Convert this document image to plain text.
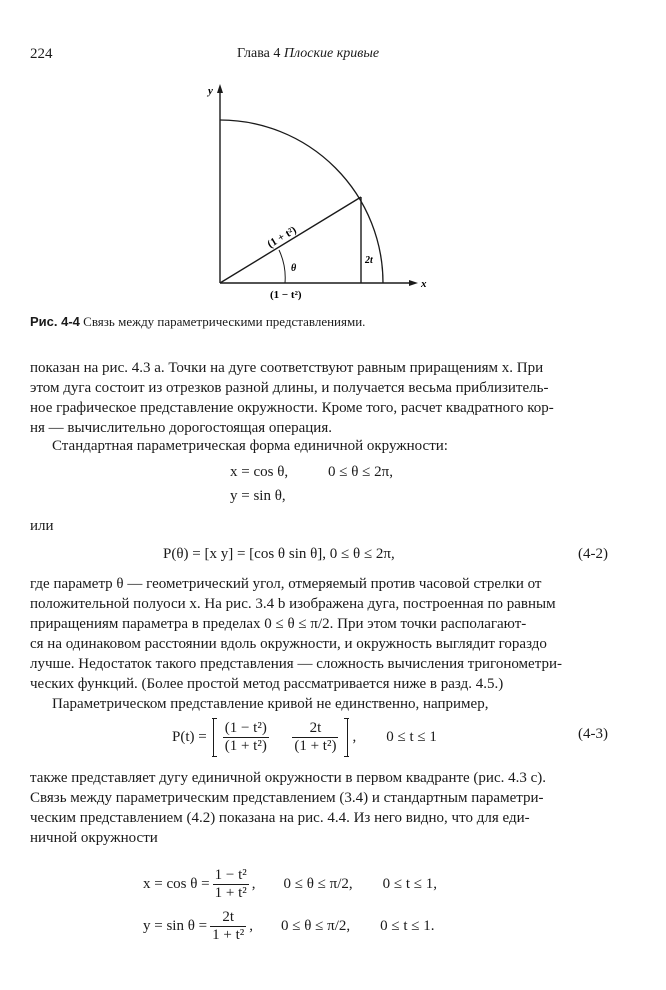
224	Глава 4 Плоские кривые
y
x
(1 + t²)
θ
2t
(1 − t²)
Рис. 4-4 Связь между параметрическими представлениями.
показан на рис. 4.3 a. Точки на дуге соответствуют равным приращениям x. При
этом дуга состоит из отрезков разной длины, и получается весьма приблизитель-
ное графическое представление окружности. Кроме того, расчет квадратного кор-
ня — вычислительно дорогостоящая операция.
Стандартная параметрическая форма единичной окружности:
x = cos θ,	0 ≤ θ ≤ 2π,
y = sin θ,
или
P(θ) = [x y] = [cos θ sin θ], 0 ≤ θ ≤ 2π,	(4-2)
где параметр θ — геометрический угол, отмеряемый против часовой стрелки от
положительной полуоси x. На рис. 3.4 b изображена дуга, построенная по равным
приращениям параметра в пределах 0 ≤ θ ≤ π/2. При этом точки располагают-
ся на одинаковом расстоянии вдоль окружности, и окружность выглядит гораздо
лучше. Недостаток такого представления — сложность вычисления тригонометри-
ческих функций. (Более простой метод рассматривается ниже в разд. 4.5.)
Параметрическом представление кривой не единственно, например,
$P(t) = \frac{\text{(1 − t²)}}{\text{(1 + t²)}}$
$\frac{2t}{\text{(1 + t²)}}$ , 0 ≤ t ≤ 1	(4-3)
также представляет дугу единичной окружности в первом квадранте (рис. 4.3 c).
Связь между параметрическим представлением (3.4) и стандартным параметри-
ческим представлением (4.2) показана на рис. 4.4. Из него видно, что для еди-
ничной окружности
$x = \cos \theta = \frac{\text{1 − t²}}{\text{1 + t²}}$ , 0 ≤ θ ≤ π/2, 0 ≤ t ≤ 1,
$y = \sin \theta = \frac{2t}{\text{1 + t²}}$ , 0 ≤ θ ≤ π/2, 0 ≤ t ≤ 1.
